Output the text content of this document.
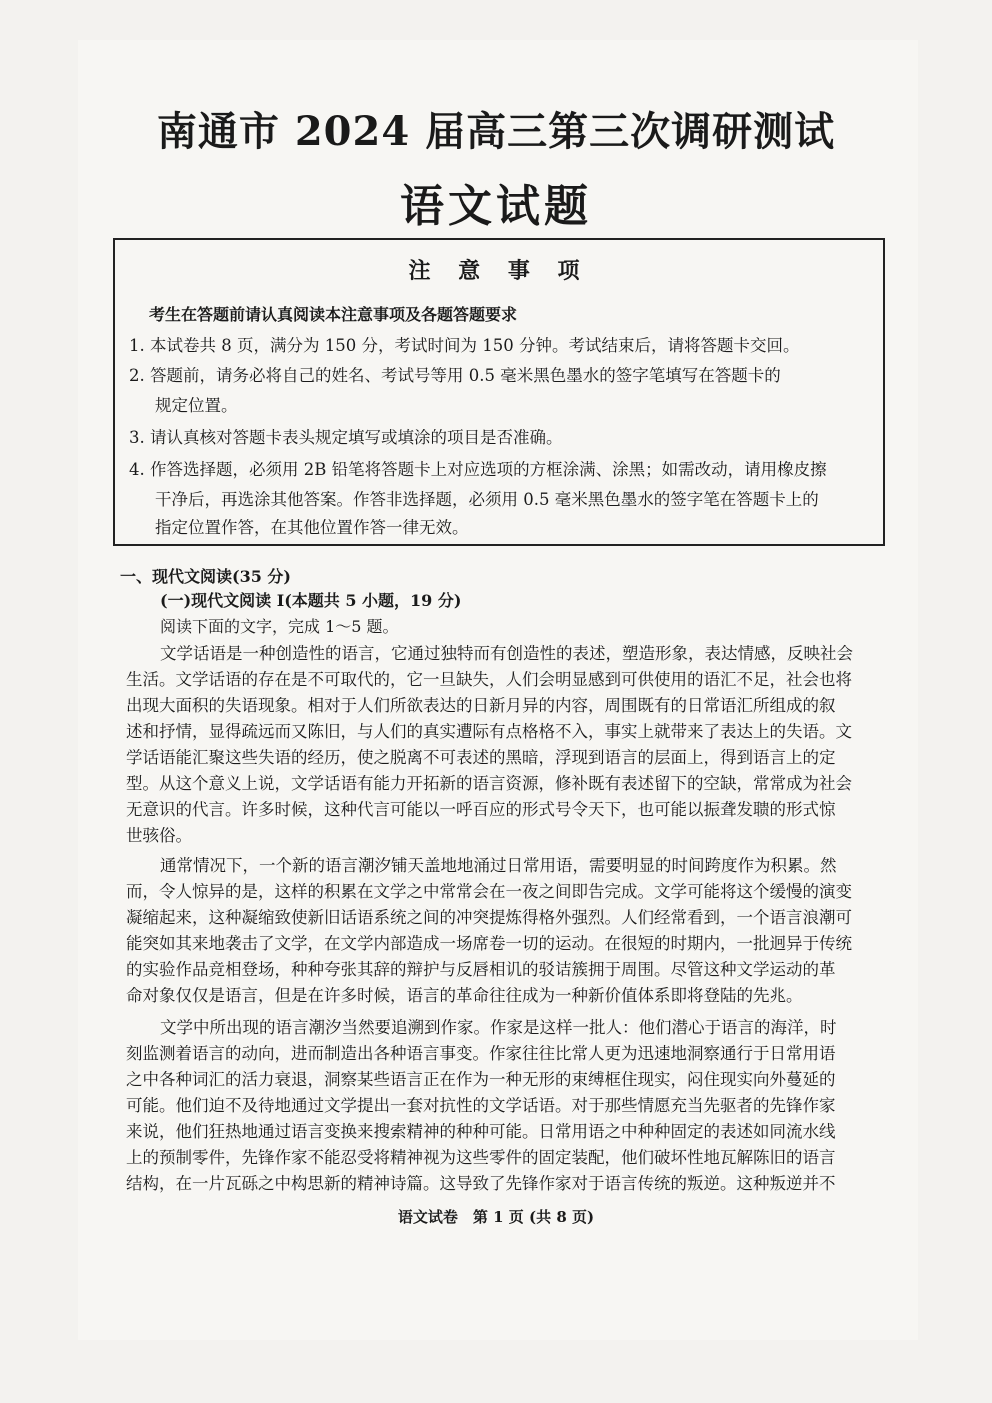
南通市 2024 届高三第三次调研测试
语文试题
注 意 事 项
考生在答题前请认真阅读本注意事项及各题答题要求
1. 本试卷共 8 页，满分为 150 分，考试时间为 150 分钟。考试结束后，请将答题卡交回。
2. 答题前，请务必将自己的姓名、考试号等用 0.5 毫米黑色墨水的签字笔填写在答题卡的
规定位置。
3. 请认真核对答题卡表头规定填写或填涂的项目是否准确。
4. 作答选择题，必须用 2B 铅笔将答题卡上对应选项的方框涂满、涂黑；如需改动，请用橡皮擦
干净后，再选涂其他答案。作答非选择题，必须用 0.5 毫米黑色墨水的签字笔在答题卡上的
指定位置作答，在其他位置作答一律无效。
一、现代文阅读(35 分)
(一)现代文阅读 I(本题共 5 小题，19 分)
阅读下面的文字，完成 1～5 题。
文学话语是一种创造性的语言，它通过独特而有创造性的表述，塑造形象，表达情感，反映社会
生活。文学话语的存在是不可取代的，它一旦缺失，人们会明显感到可供使用的语汇不足，社会也将
出现大面积的失语现象。相对于人们所欲表达的日新月异的内容，周围既有的日常语汇所组成的叙
述和抒情，显得疏远而又陈旧，与人们的真实遭际有点格格不入，事实上就带来了表达上的失语。文
学话语能汇聚这些失语的经历，使之脱离不可表述的黑暗，浮现到语言的层面上，得到语言上的定
型。从这个意义上说，文学话语有能力开拓新的语言资源，修补既有表述留下的空缺，常常成为社会
无意识的代言。许多时候，这种代言可能以一呼百应的形式号令天下，也可能以振聋发聩的形式惊
世骇俗。
通常情况下，一个新的语言潮汐铺天盖地地涌过日常用语，需要明显的时间跨度作为积累。然
而，令人惊异的是，这样的积累在文学之中常常会在一夜之间即告完成。文学可能将这个缓慢的演变
凝缩起来，这种凝缩致使新旧话语系统之间的冲突提炼得格外强烈。人们经常看到，一个语言浪潮可
能突如其来地袭击了文学，在文学内部造成一场席卷一切的运动。在很短的时期内，一批迥异于传统
的实验作品竞相登场，种种夸张其辞的辩护与反唇相讥的驳诘簇拥于周围。尽管这种文学运动的革
命对象仅仅是语言，但是在许多时候，语言的革命往往成为一种新价值体系即将登陆的先兆。
文学中所出现的语言潮汐当然要追溯到作家。作家是这样一批人：他们潜心于语言的海洋，时
刻监测着语言的动向，进而制造出各种语言事变。作家往往比常人更为迅速地洞察通行于日常用语
之中各种词汇的活力衰退，洞察某些语言正在作为一种无形的束缚框住现实，闷住现实向外蔓延的
可能。他们迫不及待地通过文学提出一套对抗性的文学话语。对于那些情愿充当先驱者的先锋作家
来说，他们狂热地通过语言变换来搜索精神的种种可能。日常用语之中种种固定的表述如同流水线
上的预制零件，先锋作家不能忍受将精神视为这些零件的固定装配，他们破坏性地瓦解陈旧的语言
结构，在一片瓦砾之中构思新的精神诗篇。这导致了先锋作家对于语言传统的叛逆。这种叛逆并不
语文试卷　第 1 页 (共 8 页)
